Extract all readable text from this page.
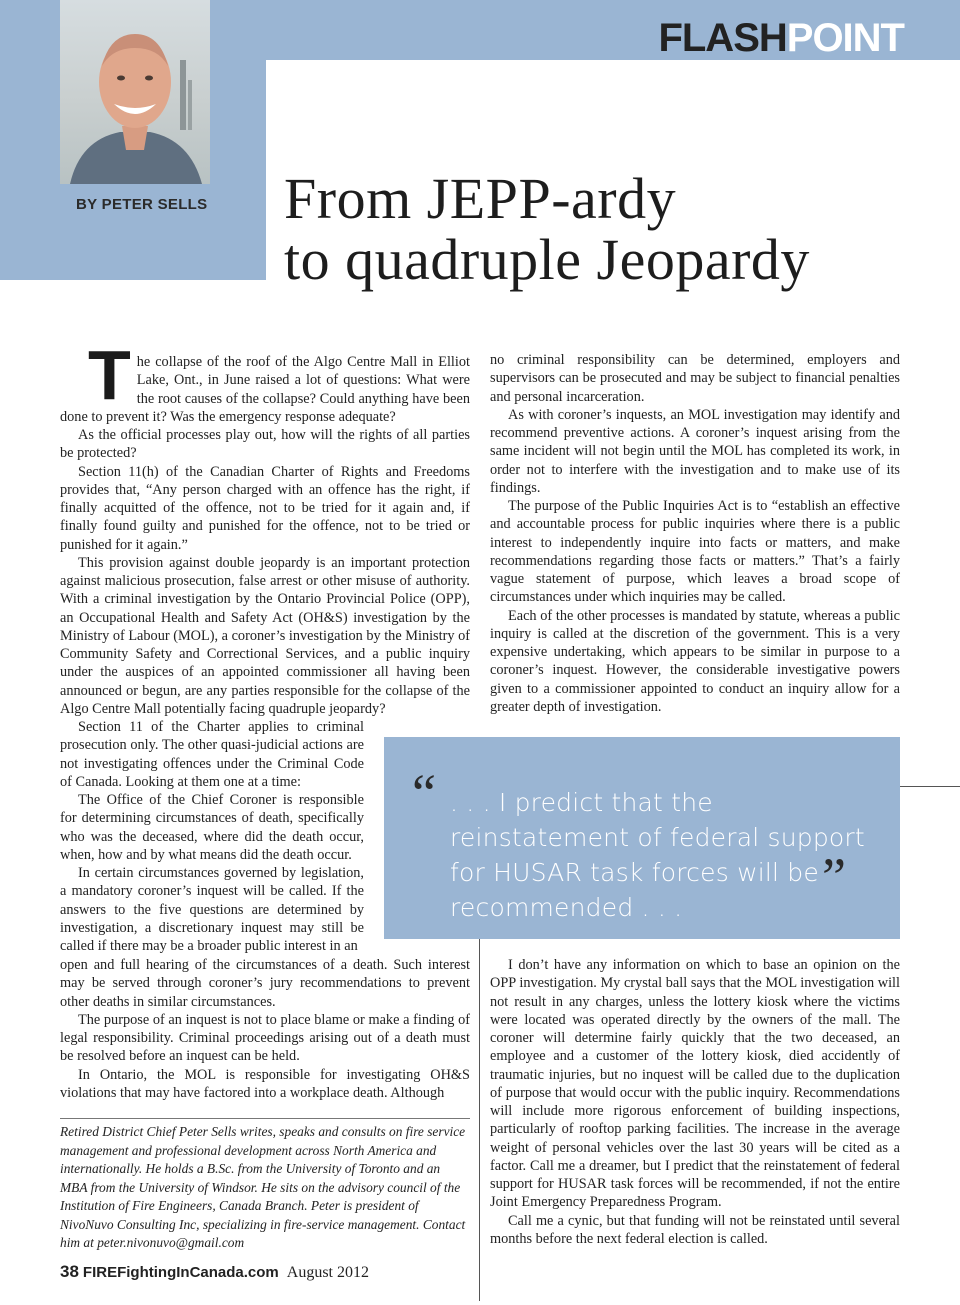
BY PETER SELLS
FLASHPOINT
From JEPP-ardy
to quadruple Jeopardy
T he collapse of the roof of the Algo Centre Mall in Elliot Lake, Ont., in June raised a lot of questions: What were the root causes of the collapse? Could anything have been done to prevent it? Was the emergency response adequate?

As the official processes play out, how will the rights of all parties be protected?

Section 11(h) of the Canadian Charter of Rights and Freedoms provides that, “Any person charged with an offence has the right, if finally acquitted of the offence, not to be tried for it again and, if finally found guilty and punished for the offence, not to be tried or punished for it again.”

This provision against double jeopardy is an important protection against malicious prosecution, false arrest or other misuse of authority. With a criminal investigation by the Ontario Provincial Police (OPP), an Occupational Health and Safety Act (OH&S) investigation by the Ministry of Labour (MOL), a coroner’s investigation by the Ministry of Community Safety and Correctional Services, and a public inquiry under the auspices of an appointed commissioner all having been announced or begun, are any parties responsible for the collapse of the Algo Centre Mall potentially facing quadruple jeopardy?

Section 11 of the Charter applies to criminal prosecution only. The other quasi-judicial actions are not investigating offences under the Criminal Code of Canada. Looking at them one at a time:

The Office of the Chief Coroner is responsible for determining circumstances of death, specifically who was the deceased, where did the death occur, when, how and by what means did the death occur.

In certain circumstances governed by legislation, a mandatory coroner’s inquest will be called. If the answers to the five questions are determined by investigation, a discretionary inquest may still be called if there may be a broader public interest in an

open and full hearing of the circumstances of a death. Such interest may be served through coroner’s jury recommendations to prevent other deaths in similar circumstances.

The purpose of an inquest is not to place blame or make a finding of legal responsibility. Criminal proceedings arising out of a death must be resolved before an inquest can be held.

In Ontario, the MOL is responsible for investigating OH&S violations that may have factored into a workplace death. Although

no criminal responsibility can be determined, employers and supervisors can be prosecuted and may be subject to financial penalties and personal incarceration.

As with coroner’s inquests, an MOL investigation may identify and recommend preventive actions. A coroner’s inquest arising from the same incident will not begin until the MOL has completed its work, in order not to interfere with the investigation and to make use of its findings.

The purpose of the Public Inquiries Act is to “establish an effective and accountable process for public inquiries where there is a public interest to independently inquire into facts or matters, and make recommendations regarding those facts or matters.” That’s a fairly vague statement of purpose, which leaves a broad scope of circumstances under which inquiries may be called.

Each of the other processes is mandated by statute, whereas a public inquiry is called at the discretion of the government. This is a very expensive undertaking, which appears to be similar in purpose to a coroner’s inquest. However, the considerable investigative powers given to a commissioner appointed to conduct an inquiry allow for a greater depth of investigation.

“ . . . I predict that the reinstatement of federal support for HUSAR task forces will be recommended . . .
”

I don’t have any information on which to base an opinion on the OPP investigation. My crystal ball says that the MOL investigation will not result in any charges, unless the lottery kiosk where the victims were located was operated directly by the owners of the mall. The coroner will determine fairly quickly that the two deceased, an employee and a customer of the lottery kiosk, died accidently of traumatic injuries, but no inquest will be called due to the duplication of purpose that would occur with the public inquiry. Recommendations will include more rigorous enforcement of building inspections, particularly of rooftop parking facilities. The increase in the average weight of personal vehicles over the last 30 years will be cited as a factor. Call me a dreamer, but I predict that the reinstatement of federal support for HUSAR task forces will be recommended, if not the entire Joint Emergency Preparedness Program.

Call me a cynic, but that funding will not be reinstated until several months before the next federal election is called.

Retired District Chief Peter Sells writes, speaks and consults on fire service management and professional development across North America and internationally. He holds a B.Sc. from the University of Toronto and an MBA from the University of Windsor. He sits on the advisory council of the Institution of Fire Engineers, Canada Branch. Peter is president of NivoNuvo Consulting Inc, specializing in fire-service management. Contact him at peter.nivonuvo@gmail.com
38 FIREFightingInCanada.com August 2012
